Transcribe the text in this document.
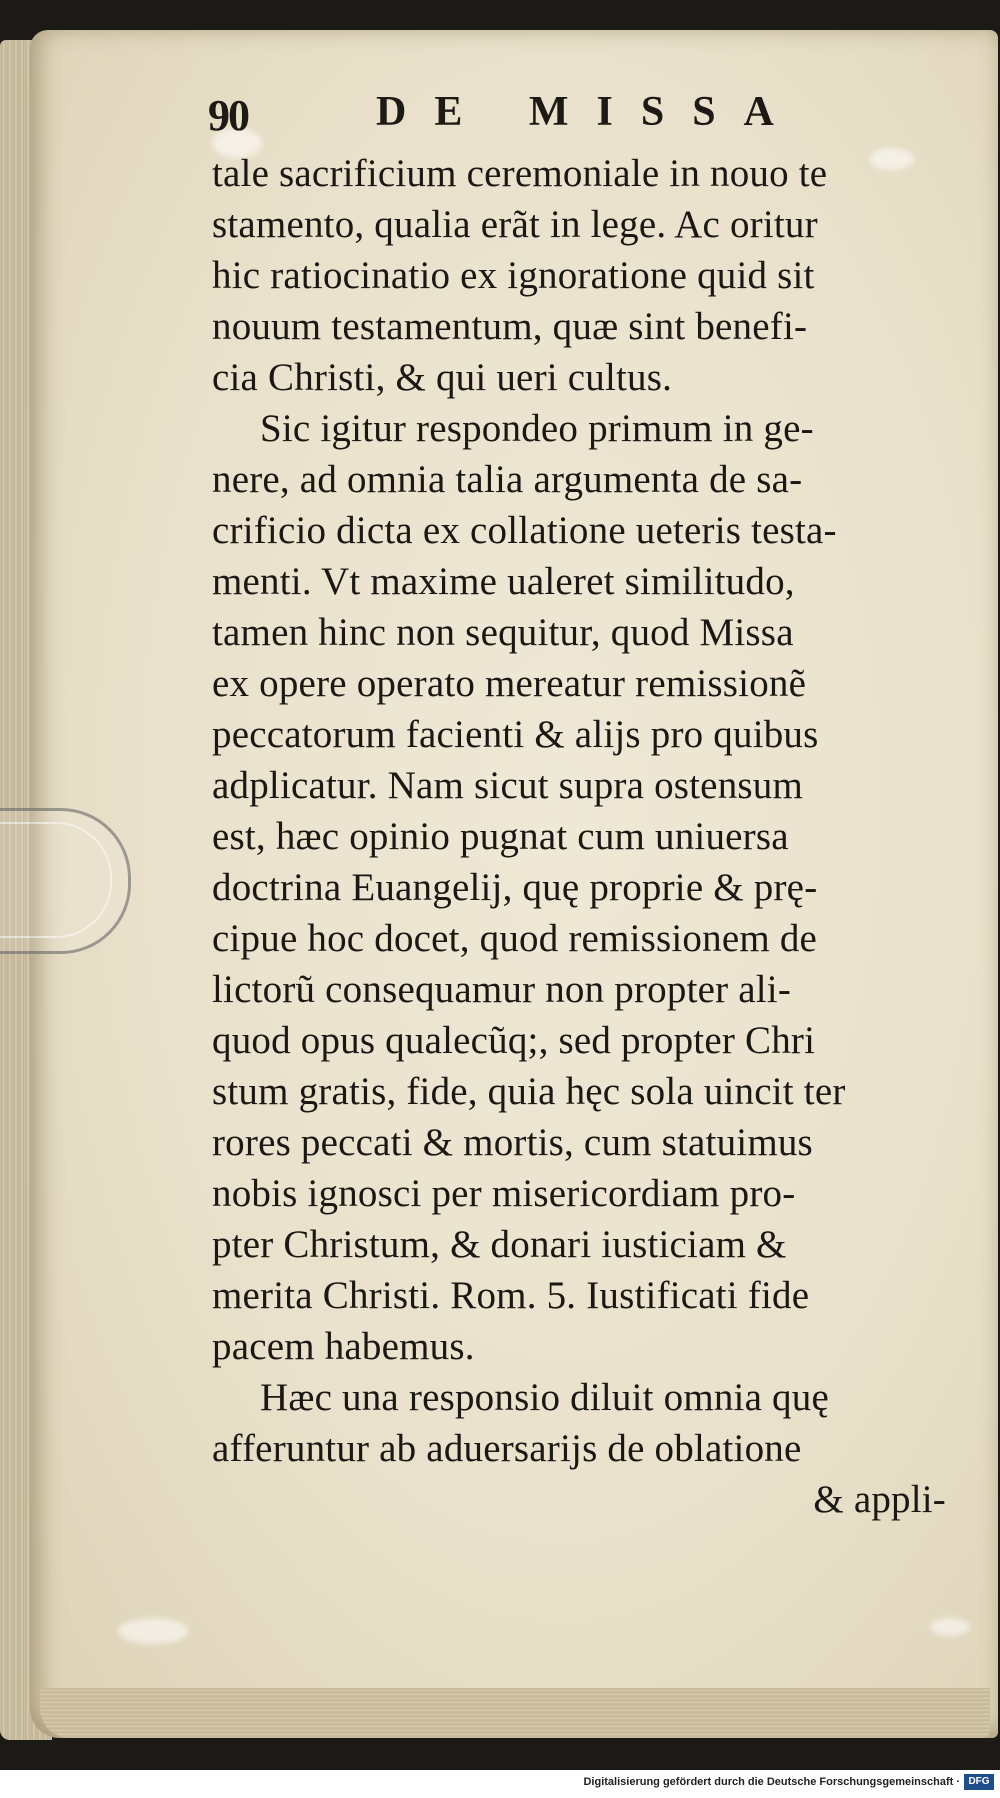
90	DE MISSA
tale sacrificium ceremoniale in nouo te
stamento, qualia erãt in lege. Ac oritur
hic ratiocinatio ex ignoratione quid sit
nouum testamentum, quæ sint benefi-
cia Christi, & qui ueri cultus.
Sic igitur respondeo primum in ge-
nere, ad omnia talia argumenta de sa-
crificio dicta ex collatione ueteris testa-
menti. Vt maxime ualeret similitudo,
tamen hinc non sequitur, quod Missa
ex opere operato mereatur remissionẽ
peccatorum facienti & alijs pro quibus
adplicatur. Nam sicut supra ostensum
est, hæc opinio pugnat cum uniuersa
doctrina Euangelij, quę proprie & prę-
cipue hoc docet, quod remissionem de
lictorũ consequamur non propter ali-
quod opus qualecũq;, sed propter Chri
stum gratis, fide, quia hęc sola uincit ter
rores peccati & mortis, cum statuimus
nobis ignosci per misericordiam pro-
pter Christum, & donari iusticiam &
merita Christi. Rom. 5. Iustificati fide
pacem habemus.
Hæc una responsio diluit omnia quę
afferuntur ab aduersarijs de oblatione
& appli-
Digitalisierung gefördert durch die Deutsche Forschungsgemeinschaft · DFG
